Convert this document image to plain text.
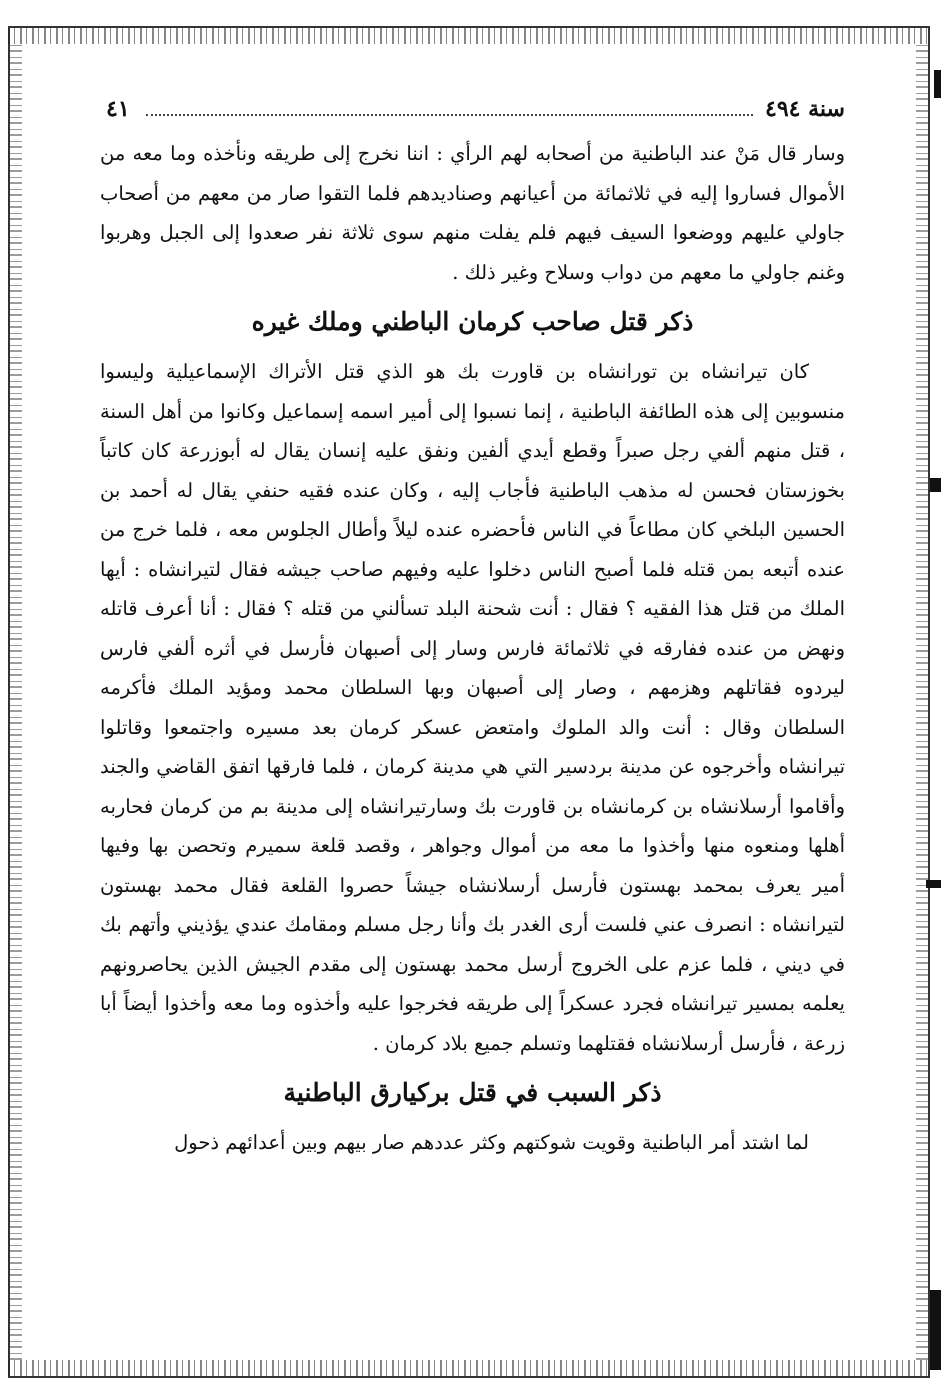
سنة ٤٩٤
٤١

وسار قال مَنْ عند الباطنية من أصحابه لهم الرأي : اننا نخرج إلى طريقه ونأخذه وما معه من الأموال فساروا إليه في ثلاثمائة من أعيانهم وصناديدهم فلما التقوا صار من معهم من أصحاب جاولي عليهم ووضعوا السيف فيهم فلم يفلت منهم سوى ثلاثة نفر صعدوا إلى الجبل وهربوا وغنم جاولي ما معهم من دواب وسلاح وغير ذلك .

ذكر قتل صاحب كرمان الباطني وملك غيره

كان تيرانشاه بن تورانشاه بن قاورت بك هو الذي قتل الأتراك الإسماعيلية وليسوا منسوبين إلى هذه الطائفة الباطنية ، إنما نسبوا إلى أمير اسمه إسماعيل وكانوا من أهل السنة ، قتل منهم ألفي رجل صبراً وقطع أيدي ألفين ونفق عليه إنسان يقال له أبوزرعة كان كاتباً بخوزستان فحسن له مذهب الباطنية فأجاب إليه ، وكان عنده فقيه حنفي يقال له أحمد بن الحسين البلخي كان مطاعاً في الناس فأحضره عنده ليلاً وأطال الجلوس معه ، فلما خرج من عنده أتبعه بمن قتله فلما أصبح الناس دخلوا عليه وفيهم صاحب جيشه فقال لتيرانشاه : أيها الملك من قتل هذا الفقيه ؟ فقال : أنت شحنة البلد تسألني من قتله ؟ فقال : أنا أعرف قاتله ونهض من عنده ففارقه في ثلاثمائة فارس وسار إلى أصبهان فأرسل في أثره ألفي فارس ليردوه فقاتلهم وهزمهم ، وصار إلى أصبهان وبها السلطان محمد ومؤيد الملك فأكرمه السلطان وقال : أنت والد الملوك وامتعض عسكر كرمان بعد مسيره واجتمعوا وقاتلوا تيرانشاه وأخرجوه عن مدينة بردسير التي هي مدينة كرمان ، فلما فارقها اتفق القاضي والجند وأقاموا أرسلانشاه بن كرمانشاه بن قاورت بك وسارتيرانشاه إلى مدينة بم من كرمان فحاربه أهلها ومنعوه منها وأخذوا ما معه من أموال وجواهر ، وقصد قلعة سميرم وتحصن بها وفيها أمير يعرف بمحمد بهستون فأرسل أرسلانشاه جيشاً حصروا القلعة فقال محمد بهستون لتيرانشاه : انصرف عني فلست أرى الغدر بك وأنا رجل مسلم ومقامك عندي يؤذيني وأتهم بك في ديني ، فلما عزم على الخروج أرسل محمد بهستون إلى مقدم الجيش الذين يحاصرونهم يعلمه بمسير تيرانشاه فجرد عسكراً إلى طريقه فخرجوا عليه وأخذوه وما معه وأخذوا أيضاً أبا زرعة ، فأرسل أرسلانشاه فقتلهما وتسلم جميع بلاد كرمان .

ذكر السبب في قتل بركيارق الباطنية

لما اشتد أمر الباطنية وقويت شوكتهم وكثر عددهم صار بيهم وبين أعدائهم ذحول
